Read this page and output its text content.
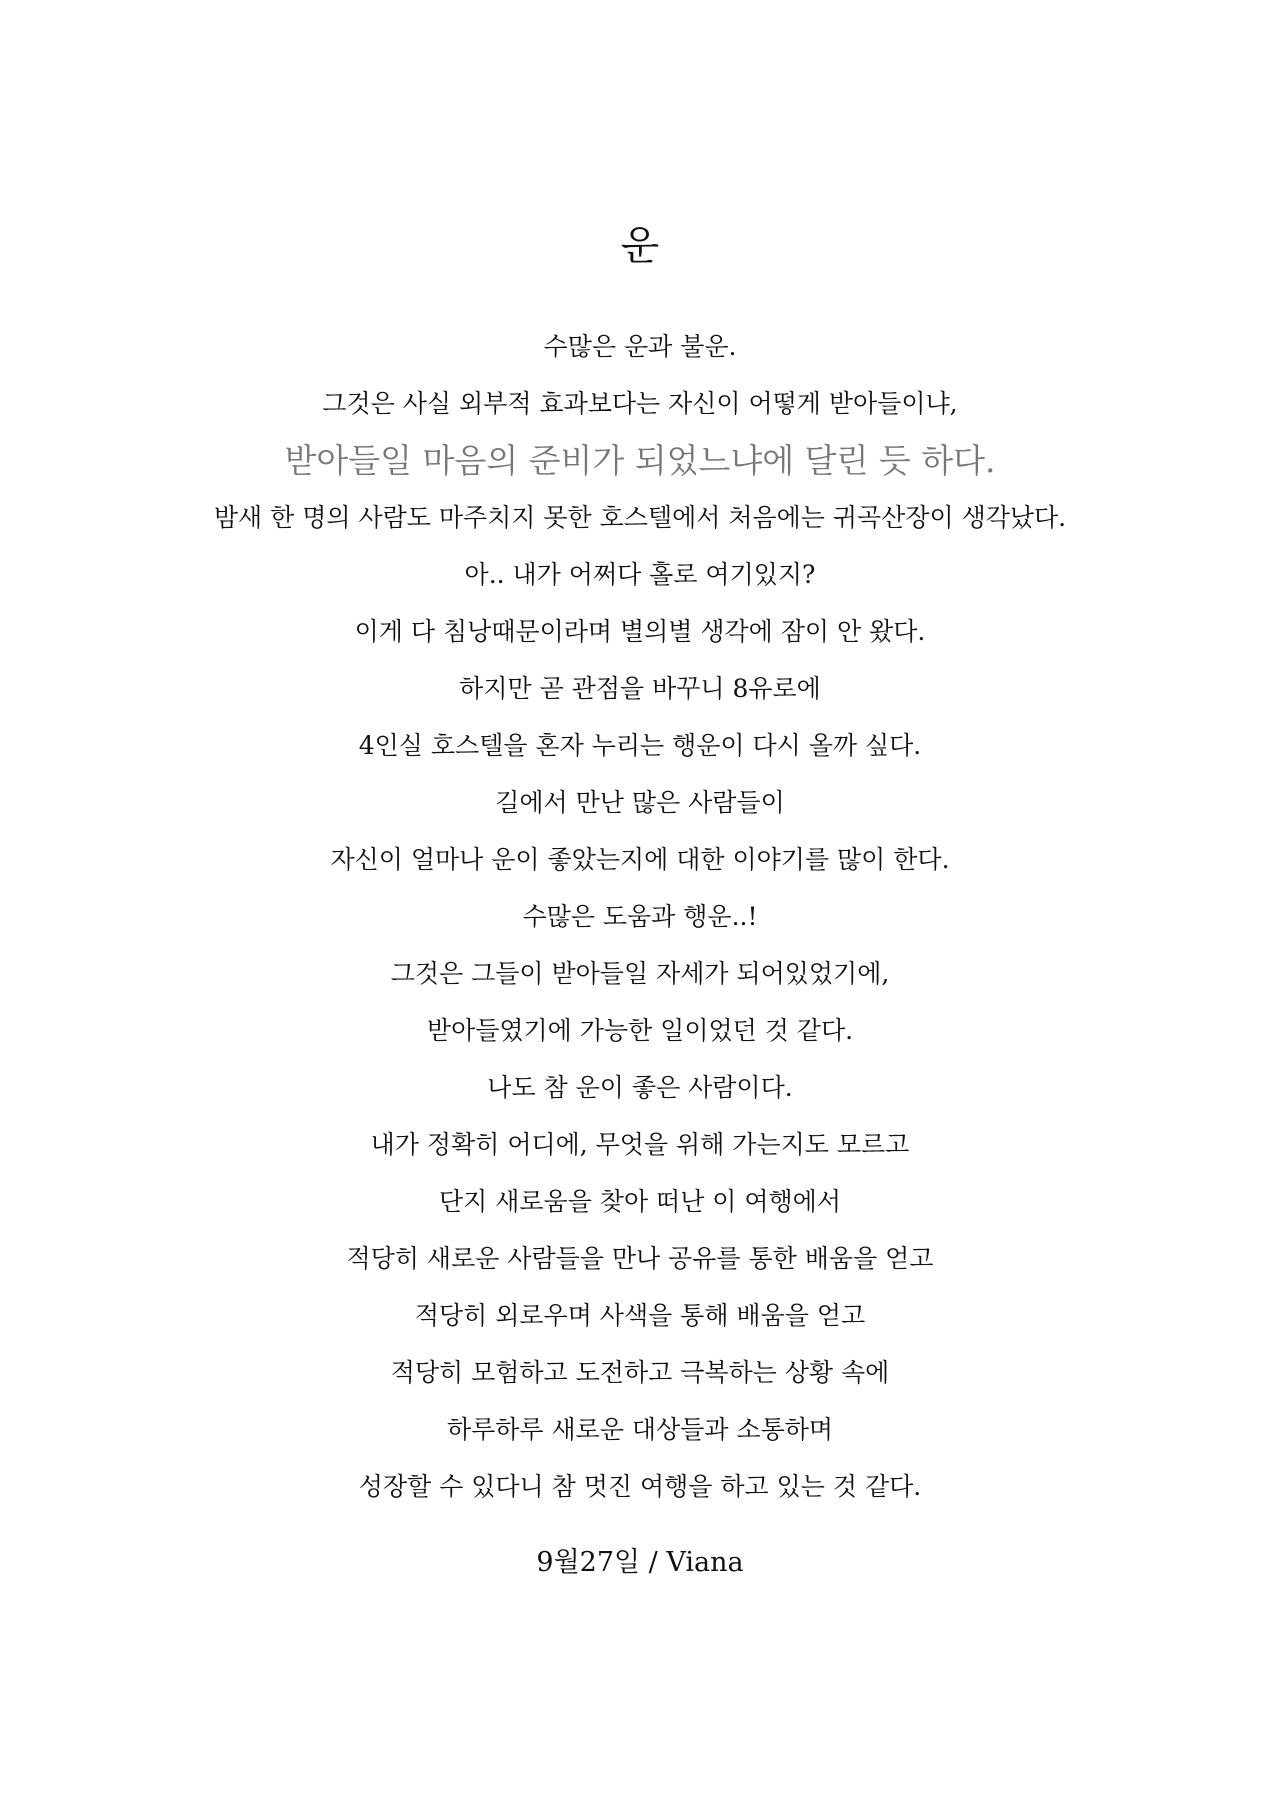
운
수많은 운과 불운.
그것은 사실 외부적 효과보다는 자신이 어떻게 받아들이냐,
받아들일 마음의 준비가 되었느냐에 달린 듯 하다.
밤새 한 명의 사람도 마주치지 못한 호스텔에서 처음에는 귀곡산장이 생각났다.
아.. 내가 어쩌다 홀로 여기있지?
이게 다 침낭때문이라며 별의별 생각에 잠이 안 왔다.
하지만 곧 관점을 바꾸니 8유로에
4인실 호스텔을 혼자 누리는 행운이 다시 올까 싶다.
길에서 만난 많은 사람들이
자신이 얼마나 운이 좋았는지에 대한 이야기를 많이 한다.
수많은 도움과 행운..!
그것은 그들이 받아들일 자세가 되어있었기에,
받아들였기에 가능한 일이었던 것 같다.
나도 참 운이 좋은 사람이다.
내가 정확히 어디에, 무엇을 위해 가는지도 모르고
단지 새로움을 찾아 떠난 이 여행에서
적당히 새로운 사람들을 만나 공유를 통한 배움을 얻고
적당히 외로우며 사색을 통해 배움을 얻고
적당히 모험하고 도전하고 극복하는 상황 속에
하루하루 새로운 대상들과 소통하며
성장할 수 있다니 참 멋진 여행을 하고 있는 것 같다.
9월27일 / Viana
